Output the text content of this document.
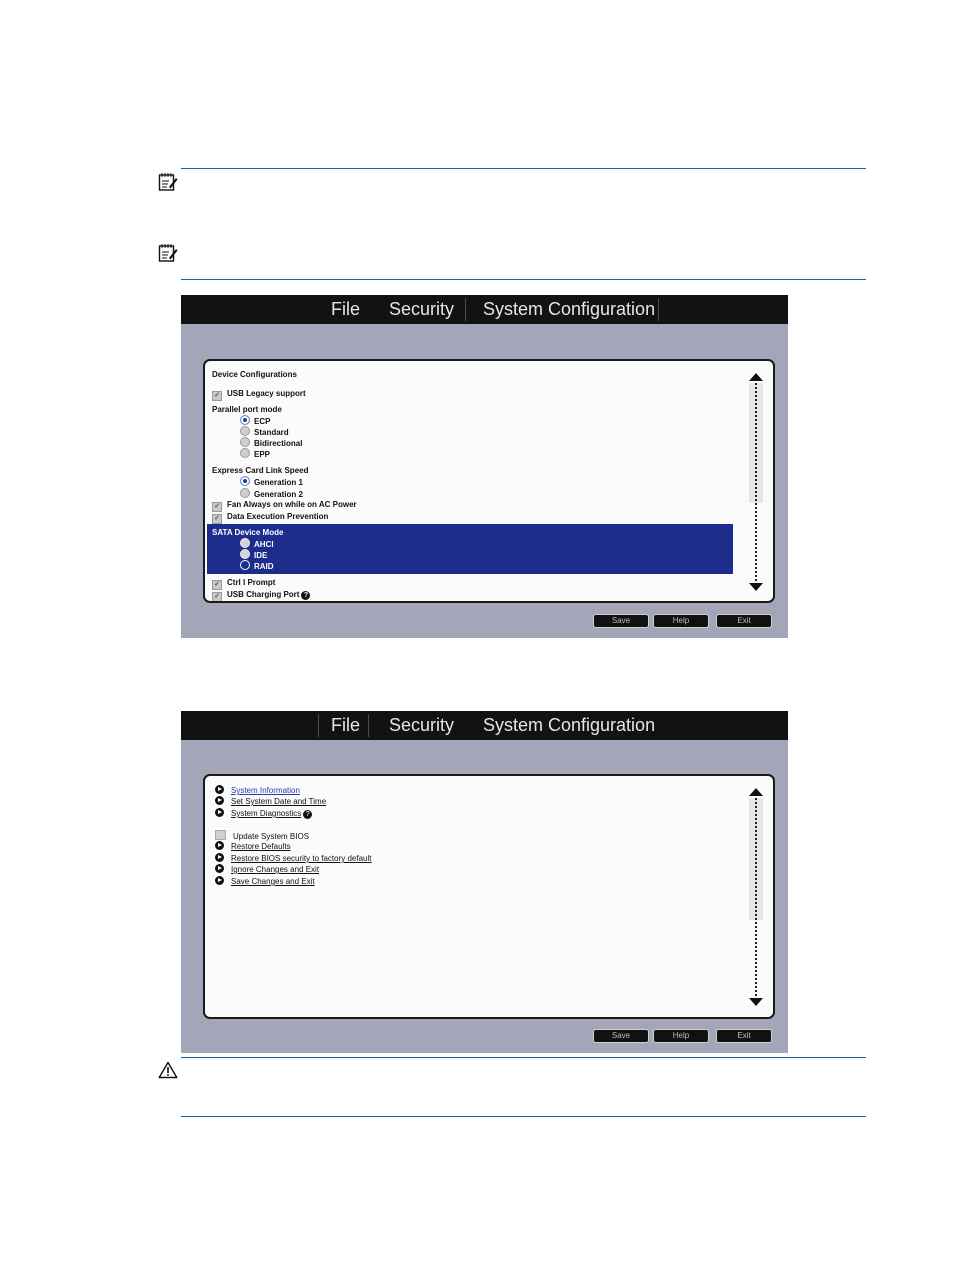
File Security System Configuration
Device Configurations
✓ USB Legacy support
Parallel port mode
ECP
Standard
Bidirectional
EPP
Express Card Link Speed
Generation 1
Generation 2
✓ Fan Always on while on AC Power
✓ Data Execution Prevention
SATA Device Mode
AHCI
IDE
RAID
✓ Ctrl I Prompt
✓ USB Charging Port ?
Save	Help	Exit
File Security System Configuration
System Information
Set System Date and Time
System Diagnostics ?
Update System BIOS
Restore Defaults
Restore BIOS security to factory default
Ignore Changes and Exit
Save Changes and Exit
Save	Help	Exit
